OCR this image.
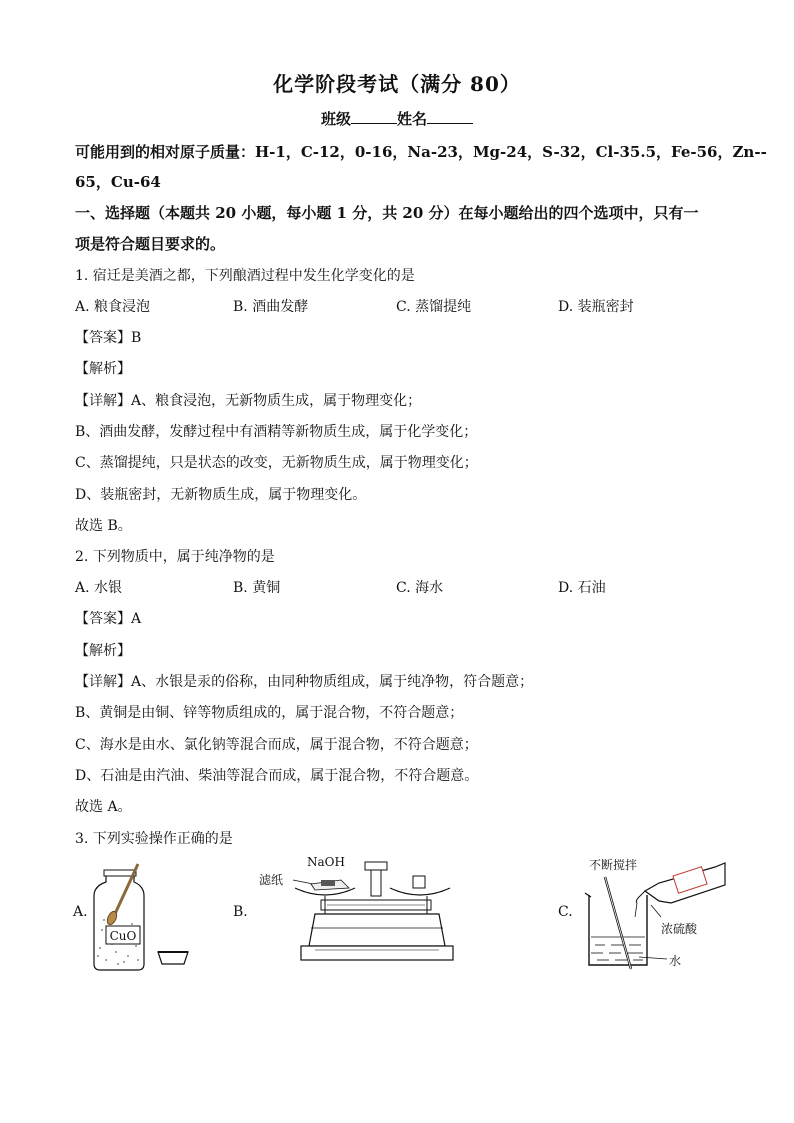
化学阶段考试（满分 80）
班级	姓名
可能用到的相对原子质量：H-1，C-12，0-16，Na-23，Mg-24，S-32，Cl-35.5，Fe-56，Zn--
65，Cu-64
一、选择题（本题共 20 小题，每小题 1 分，共 20 分）在每小题给出的四个选项中，只有一
项是符合题目要求的。
1. 宿迁是美酒之都，下列酿酒过程中发生化学变化的是
A. 粮食浸泡	B. 酒曲发酵	C. 蒸馏提纯	D. 装瓶密封
【答案】B
【解析】
【详解】A、粮食浸泡，无新物质生成，属于物理变化；
B、酒曲发酵，发酵过程中有酒精等新物质生成，属于化学变化；
C、蒸馏提纯，只是状态的改变，无新物质生成，属于物理变化；
D、装瓶密封，无新物质生成，属于物理变化。
故选 B。
2. 下列物质中，属于纯净物的是
A. 水银	B. 黄铜	C. 海水	D. 石油
【答案】A
【解析】
【详解】A、水银是汞的俗称，由同种物质组成，属于纯净物，符合题意；
B、黄铜是由铜、锌等物质组成的，属于混合物，不符合题意；
C、海水是由水、氯化钠等混合而成，属于混合物，不符合题意；
D、石油是由汽油、柴油等混合而成，属于混合物，不符合题意。
故选 A。
3. 下列实验操作正确的是
A.
CuO
B.
NaOH
滤纸
C.
不断搅拌
浓硫酸
水
